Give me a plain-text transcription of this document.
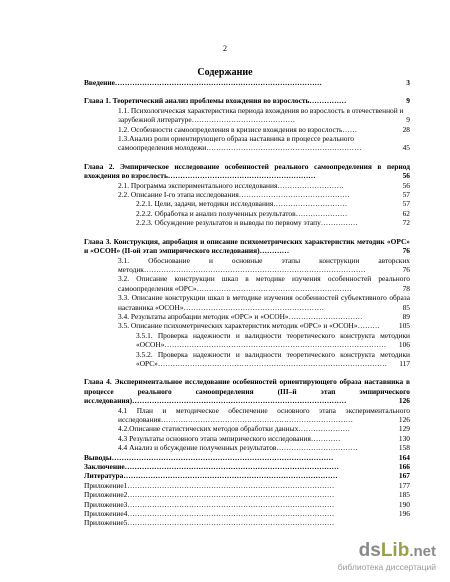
2
Содержание
Введение…………………………………………………………………………	3
Глава 1. Теоретический анализ проблемы вхождения во взрослость……………	9
1.1. Психологическая характеристика периода вхождения во взрослость в отечественной и зарубежной литературе……………………………………	9
1.2. Особенности самоопределения в кризисе вхождения во взрослость……	28
1.3.Анализ роли ориентирующего образа наставника в процессе реального самоопределения молодежи………………………………………………………	45
Глава 2. Эмпирическое исследование особенностей реального самоопределения в период вхождения во взрослость……………………………………………………	56
2.1. Программа экспериментального исследования………………………	56
2.2. Описание I-го этапа исследования………………………………………	57
2.2.1. Цели, задачи, методики исследования…………………………	57
2.2.2. Обработка и анализ полученных результатов…………………	62
2.2.3. Обсуждение результатов и выводы по первому этапу……………	72
Глава 3. Конструкция, апробация и описание психометрических характеристик методик «ОРС» и «ОСОН» (II-ой этап эмпирического исследования)…………	76
3.1. Обоснование и основные этапы конструкции авторских методик………………………………………………………………………………	76
3.2. Описание конструкции шкал в методике изучения особенностей реального самоопределения «ОРС»………………………………………………………	78
3.3. Описание конструкции шкал в методике изучения особенностей субъективного образа наставника «ОСОН»…………………………………………………	85
3.4. Результаты апробации методик «ОРС» и «ОСОН»…………………………	89
3.5. Описание психометрических характеристик методик «ОРС» и «ОСОН»………	105
3.5.1. Проверка надежности и валидности теоретического конструкта методики «ОСОН»………………………………………………………………………………	106
3.5.2. Проверка надежности и валидности теоретического конструкта методики «ОРС»…………………………………………………………………………………	117
Глава 4. Экспериментальное исследование особенностей ориентирующего образа наставника в процессе реального самоопределения (III–й этап эмпирического исследования)……………………………………………………………………………	126
4.1 План и методическое обеспечение основного этапа экспериментального исследования……………………………………………………………………	126
4.2.Описание статистических методов обработки данных…………………	129
4.3 Результаты основного этапа эмпирического исследования…………	130
4.4 Анализ и обсуждение полученных результатов……………………………	158
Выводы………………………………………………………………………………	164
Заключение……………………………………………………………………………	166
Литература……………………………………………………………………………	167
Приложение1…………………………………………………………………………	177
Приложение2…………………………………………………………………………	185
Приложение3…………………………………………………………………………	190
Приложение4…………………………………………………………………………	196
Приложение5…………………………………………………………………………
dsLib.net
библиотека диссертаций
